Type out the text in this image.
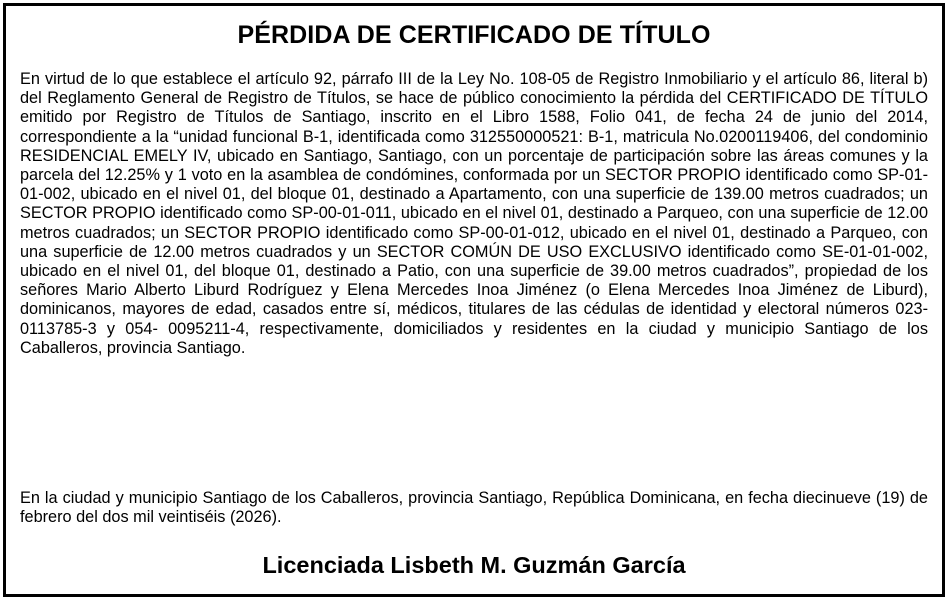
PÉRDIDA DE CERTIFICADO DE TÍTULO

En virtud de lo que establece el artículo 92, párrafo III de la Ley No. 108-05 de Registro Inmobiliario y el artículo 86, literal b) del Reglamento General de Registro de Títulos, se hace de público conocimiento la pérdida del CERTIFICADO DE TÍTULO emitido por Registro de Títulos de Santiago, inscrito en el Libro 1588, Folio 041, de fecha 24 de junio del 2014, correspondiente a la “unidad funcional B-1, identificada como 312550000521: B-1, matricula No.0200119406, del condominio RESIDENCIAL EMELY IV, ubicado en Santiago, Santiago, con un porcentaje de participación sobre las áreas comunes y la parcela del 12.25% y 1 voto en la asamblea de condómines, conformada por un SECTOR PROPIO identificado como SP-01-01-002, ubicado en el nivel 01, del bloque 01, destinado a Apartamento, con una superficie de 139.00 metros cuadrados; un SECTOR PROPIO identificado como SP-00-01-011, ubicado en el nivel 01, destinado a Parqueo, con una superficie de 12.00 metros cuadrados; un SECTOR PROPIO identificado como SP-00-01-012, ubicado en el nivel 01, destinado a Parqueo, con una superficie de 12.00 metros cuadrados y un SECTOR COMÚN DE USO EXCLUSIVO identificado como SE-01-01-002, ubicado en el nivel 01, del bloque 01, destinado a Patio, con una superficie de 39.00 metros cuadrados”, propiedad de los señores Mario Alberto Liburd Rodríguez y Elena Mercedes Inoa Jiménez (o Elena Mercedes Inoa Jiménez de Liburd), dominicanos, mayores de edad, casados entre sí, médicos, titulares de las cédulas de identidad y electoral números 023-0113785-3 y 054- 0095211-4, respectivamente, domiciliados y residentes en la ciudad y municipio Santiago de los Caballeros, provincia Santiago.

En la ciudad y municipio Santiago de los Caballeros, provincia Santiago, República Dominicana, en fecha diecinueve (19) de febrero del dos mil veintiséis (2026).

Licenciada Lisbeth M. Guzmán García
